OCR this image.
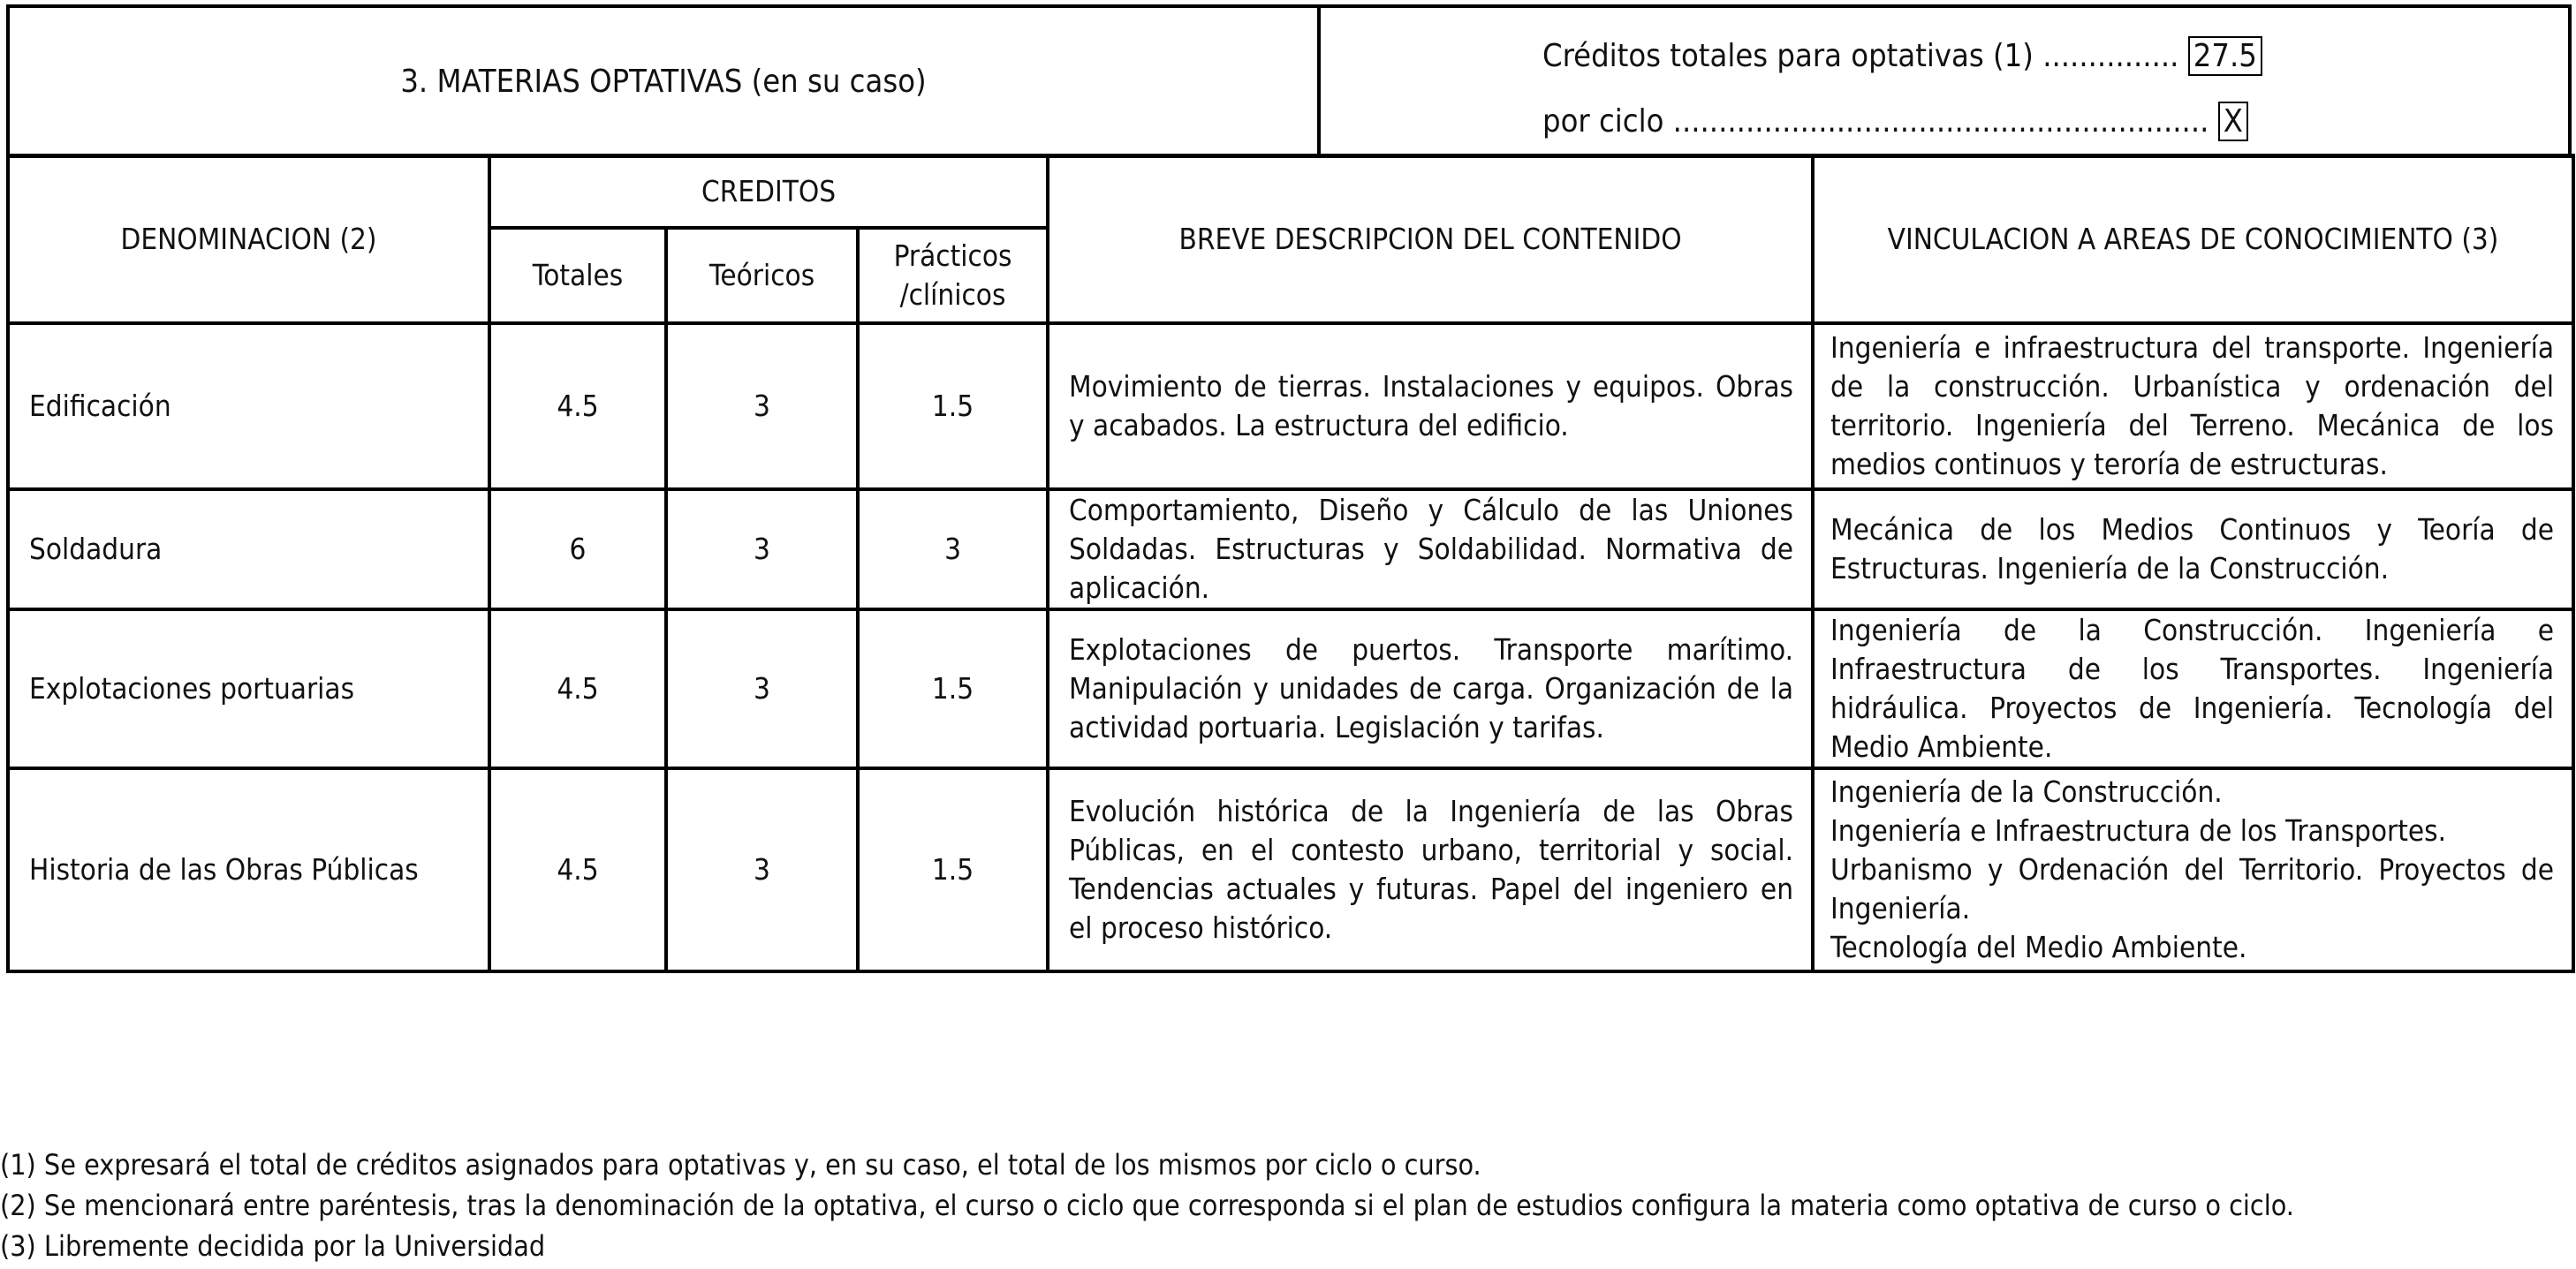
3. MATERIAS OPTATIVAS (en su caso)
Créditos totales para optativas (1) ............... 27.5
por ciclo ........................................................... X
DENOMINACION (2)	CREDITOS			BREVE DESCRIPCION DEL CONTENIDO	VINCULACION A AREAS DE CONOCIMIENTO (3)
	Totales	Teóricos	Prácticos
/clínicos		
Edificación	4.5	3	1.5	Movimiento de tierras. Instalaciones y equipos. Obras y acabados. La estructura del edificio.	Ingeniería e infraestructura del transporte. Ingeniería de la construcción. Urbanística y ordenación del territorio. Ingeniería del Terreno. Mecánica de los medios continuos y teroría de estructuras.
Soldadura	6	3	3	Comportamiento, Diseño y Cálculo de las Uniones Soldadas. Estructuras y Soldabilidad. Normativa de aplicación.	Mecánica de los Medios Continuos y Teoría de Estructuras. Ingeniería de la Construcción.
Explotaciones portuarias	4.5	3	1.5	Explotaciones de puertos. Transporte marítimo. Manipulación y unidades de carga. Organización de la actividad portuaria. Legislación y tarifas.	Ingeniería de la Construcción. Ingeniería e Infraestructura de los Transportes. Ingeniería hidráulica. Proyectos de Ingeniería. Tecnología del Medio Ambiente.
Historia de las Obras Públicas	4.5	3	1.5	Evolución histórica de la Ingeniería de las Obras Públicas, en el contesto urbano, territorial y social. Tendencias actuales y futuras. Papel del ingeniero en el proceso histórico.	Ingeniería de la Construcción.
Ingeniería e Infraestructura de los Transportes.
Urbanismo y Ordenación del Territorio. Proyectos de Ingeniería.
Tecnología del Medio Ambiente.
(1) Se expresará el total de créditos asignados para optativas y, en su caso, el total de los mismos por ciclo o curso.
(2) Se mencionará entre paréntesis, tras la denominación de la optativa, el curso o ciclo que corresponda si el plan de estudios configura la materia como optativa de curso o ciclo.
(3) Libremente decidida por la Universidad
